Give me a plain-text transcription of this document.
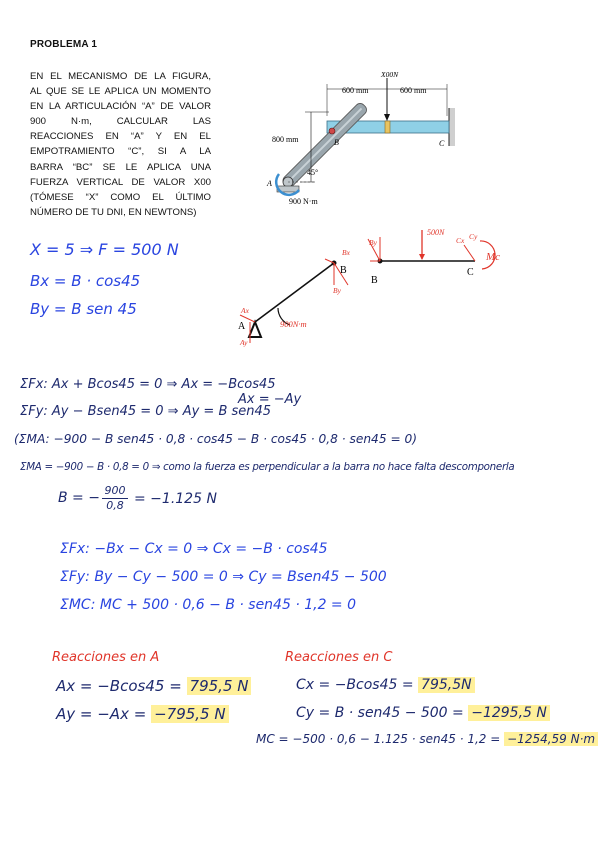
PROBLEMA 1
EN EL MECANISMO DE LA FIGURA,
AL QUE SE LE APLICA UN MOMENTO
EN LA ARTICULACIÓN “A” DE VALOR
900 N·m, CALCULAR LAS
REACCIONES EN “A” Y EN EL
EMPOTRAMIENTO “C”, SI A LA
BARRA “BC” SE LE APLICA UNA
FUERZA VERTICAL DE VALOR X00
(TÓMESE “X” COMO EL ÚLTIMO
NÚMERO DE TU DNI, EN NEWTONS)
X00N
600 mm	600 mm
800 mm
A
B	C
45°
900 N·m
X = 5 ⇒ F = 500 N
Bx = B · cos45
By = B sen 45
500N
A
B
B
C
900N·m
Mc
Bx
By
By
Ax
Ay
Cx Cy
ΣFx: Ax + Bcos45 = 0 ⇒ Ax = −Bcos45
ΣFy: Ay − Bsen45 = 0 ⇒ Ay = B sen45
Ax = −Ay
(ΣMA: −900 − B sen45 · 0,8 · cos45 − B · cos45 · 0,8 · sen45 = 0)
ΣMA = −900 − B · 0,8 = 0 ⇒ como la fuerza es perpendicular a la barra no hace falta descomponerla
B = − $\frac{900}{0,8} = -1.125$ N
ΣFx: −Bx − Cx = 0 ⇒ Cx = −B · cos45
ΣFy: By − Cy − 500 = 0 ⇒ Cy = Bsen45 − 500
ΣMC: MC + 500 · 0,6 − B · sen45 · 1,2 = 0
Reacciones en A
Ax = −Bcos45 = 795,5 N
Ay = −Ax = −795,5 N
Reacciones en C
Cx = −Bcos45 = 795,5N
Cy = B · sen45 − 500 = −1295,5 N
MC = −500 · 0,6 − 1.125 · sen45 · 1,2 = −1254,59 N·m
